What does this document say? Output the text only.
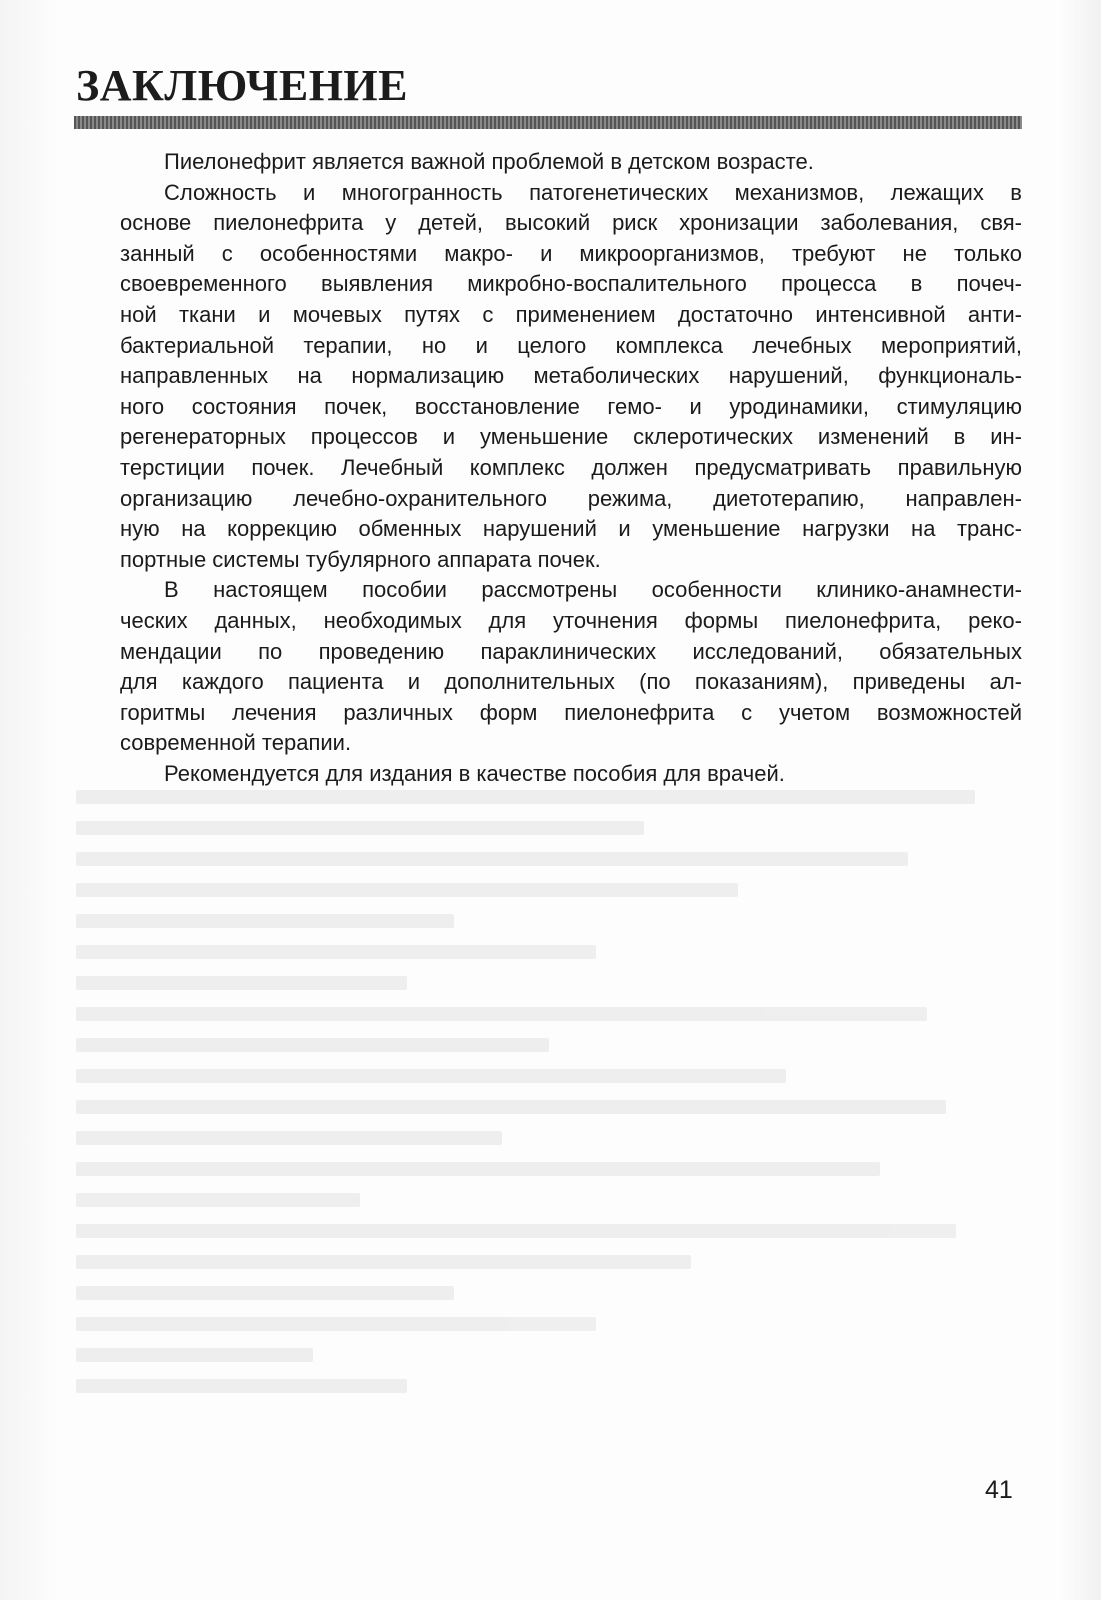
ЗАКЛЮЧЕНИЕ
Пиелонефрит является важной проблемой в детском возрасте.
Сложность и многогранность патогенетических механизмов, лежащих в
основе пиелонефрита у детей, высокий риск хронизации заболевания, свя-
занный с особенностями макро- и микроорганизмов, требуют не только
своевременного выявления микробно-воспалительного процесса в почеч-
ной ткани и мочевых путях с применением достаточно интенсивной анти-
бактериальной терапии, но и целого комплекса лечебных мероприятий,
направленных на нормализацию метаболических нарушений, функциональ-
ного состояния почек, восстановление гемо- и уродинамики, стимуляцию
регенераторных процессов и уменьшение склеротических изменений в ин-
терстиции почек. Лечебный комплекс должен предусматривать правильную
организацию лечебно-охранительного режима, диетотерапию, направлен-
ную на коррекцию обменных нарушений и уменьшение нагрузки на транс-
портные системы тубулярного аппарата почек.
В настоящем пособии рассмотрены особенности клинико-анамнести-
ческих данных, необходимых для уточнения формы пиелонефрита, реко-
мендации по проведению параклинических исследований, обязательных
для каждого пациента и дополнительных (по показаниям), приведены ал-
горитмы лечения различных форм пиелонефрита с учетом возможностей
современной терапии.
Рекомендуется для издания в качестве пособия для врачей.
41
